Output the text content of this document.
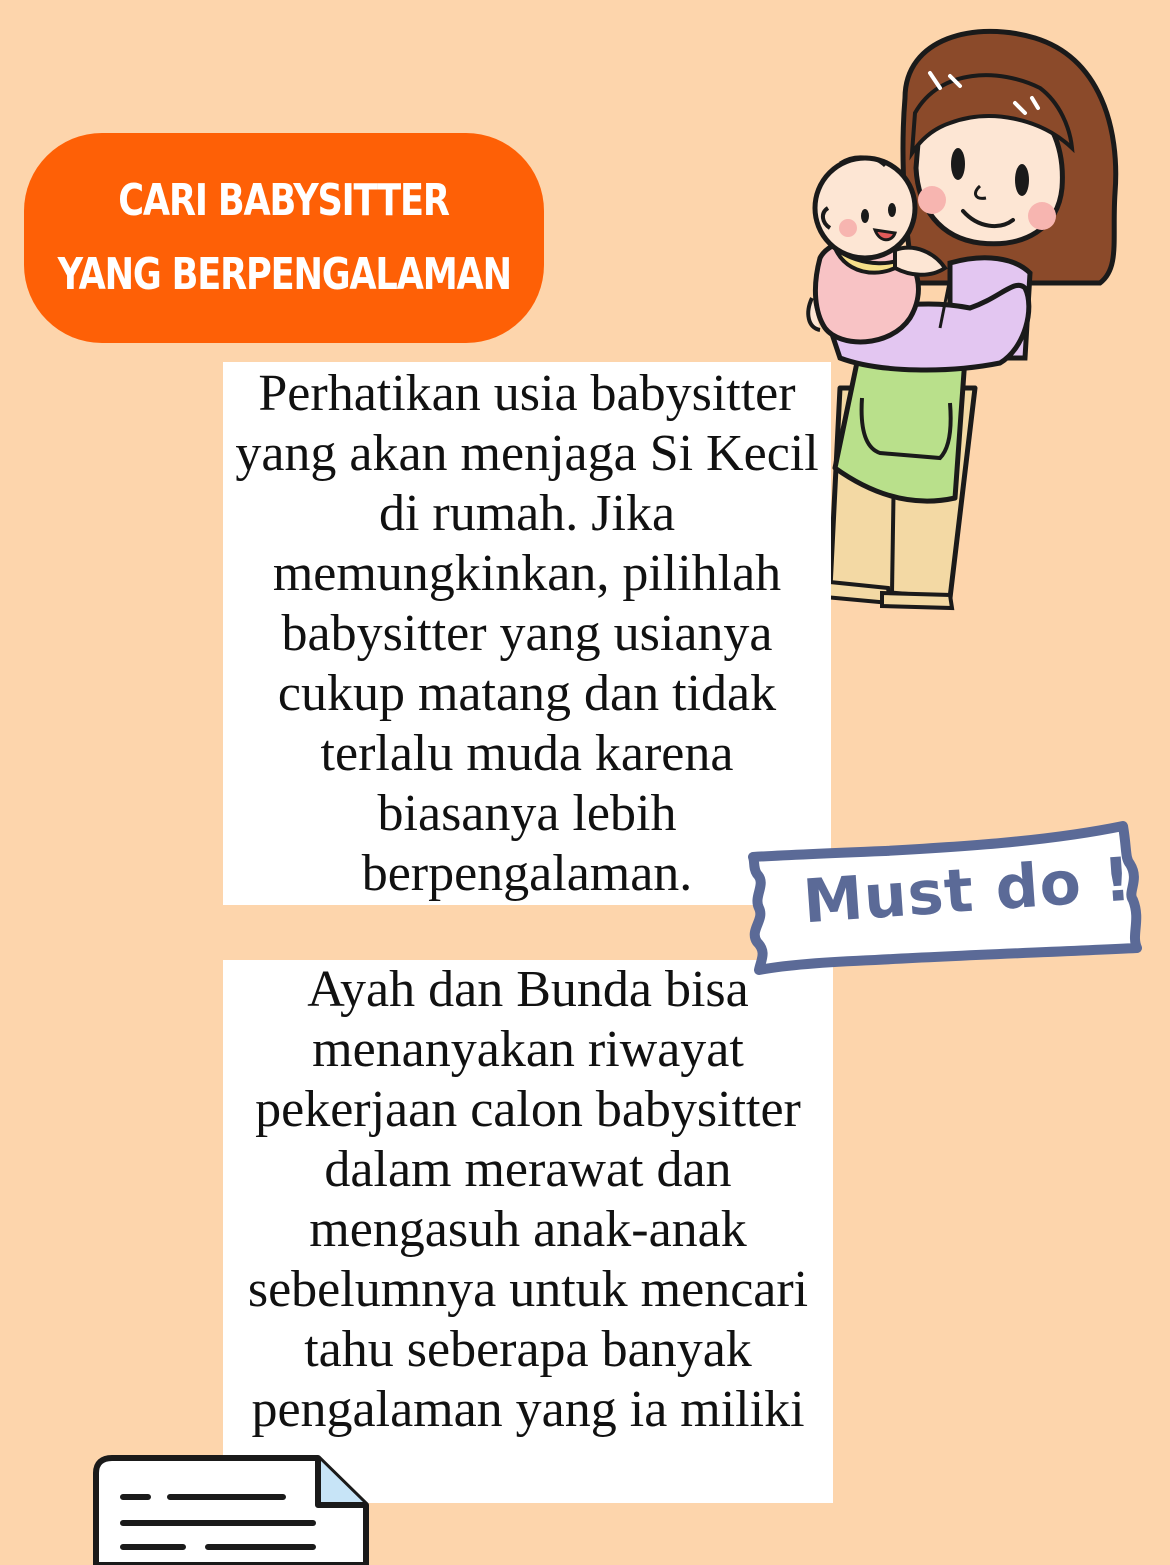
CARI BABYSITTER
YANG BERPENGALAMAN
Perhatikan usia babysitter yang akan menjaga Si Kecil di rumah. Jika memungkinkan, pilihlah babysitter yang usianya cukup matang dan tidak terlalu muda karena biasanya lebih berpengalaman.
Ayah dan Bunda bisa menanyakan riwayat pekerjaan calon babysitter dalam merawat dan mengasuh anak-anak sebelumnya untuk mencari tahu seberapa banyak pengalaman yang ia miliki
Must do !
